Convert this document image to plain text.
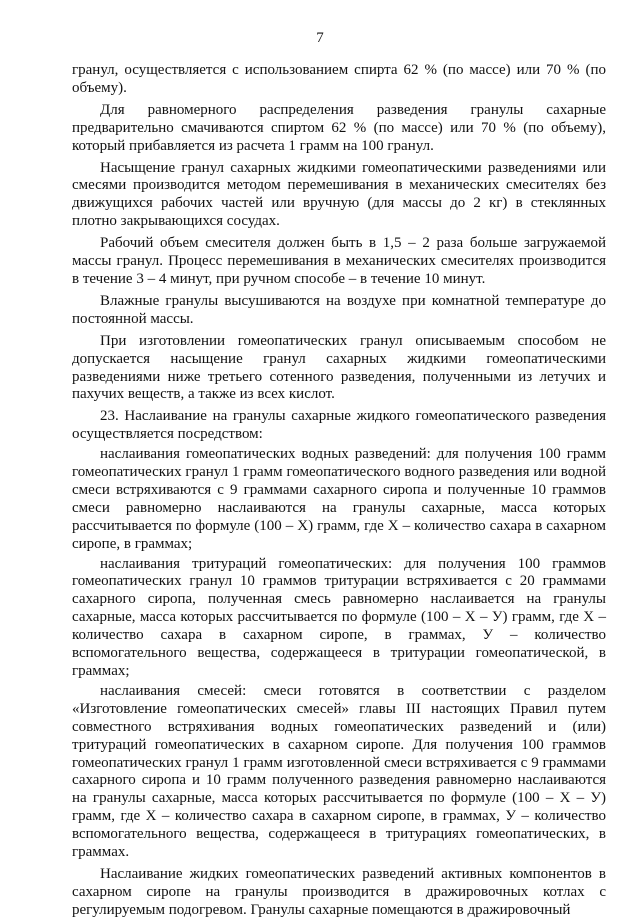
7

гранул, осуществляется с использованием спирта 62 % (по массе) или 70 % (по объему).

Для равномерного распределения разведения гранулы сахарные предварительно смачиваются спиртом 62 % (по массе) или 70 % (по объему), который прибавляется из расчета 1 грамм на 100 гранул.

Насыщение гранул сахарных жидкими гомеопатическими разведениями или смесями производится методом перемешивания в механических смесителях без движущихся рабочих частей или вручную (для массы до 2 кг) в стеклянных плотно закрывающихся сосудах.

Рабочий объем смесителя должен быть в 1,5 – 2 раза больше загружаемой массы гранул. Процесс перемешивания в механических смесителях производится в течение 3 – 4 минут, при ручном способе – в течение 10 минут.

Влажные гранулы высушиваются на воздухе при комнатной температуре до постоянной массы.

При изготовлении гомеопатических гранул описываемым способом не допускается насыщение гранул сахарных жидкими гомеопатическими разведениями ниже третьего сотенного разведения, полученными из летучих и пахучих веществ, а также из всех кислот.

23. Наслаивание на гранулы сахарные жидкого гомеопатического разведения осуществляется посредством:

наслаивания гомеопатических водных разведений: для получения 100 грамм гомеопатических гранул 1 грамм гомеопатического водного разведения или водной смеси встряхиваются с 9 граммами сахарного сиропа и полученные 10 граммов смеси равномерно наслаиваются на гранулы сахарные, масса которых рассчитывается по формуле (100 – Х) грамм, где Х – количество сахара в сахарном сиропе, в граммах;

наслаивания тритураций гомеопатических: для получения 100 граммов гомеопатических гранул 10 граммов тритурации встряхивается с 20 граммами сахарного сиропа, полученная смесь равномерно наслаивается на гранулы сахарные, масса которых рассчитывается по формуле (100 – Х – У) грамм, где Х – количество сахара в сахарном сиропе, в граммах, У – количество вспомогательного вещества, содержащееся в тритурации гомеопатической, в граммах;

наслаивания смесей: смеси готовятся в соответствии с разделом «Изготовление гомеопатических смесей» главы III настоящих Правил путем совместного встряхивания водных гомеопатических разведений и (или) тритураций гомеопатических в сахарном сиропе. Для получения 100 граммов гомеопатических гранул 1 грамм изготовленной смеси встряхивается с 9 граммами сахарного сиропа и 10 грамм полученного разведения равномерно наслаиваются на гранулы сахарные, масса которых рассчитывается по формуле (100 – Х – У) грамм, где Х – количество сахара в сахарном сиропе, в граммах, У – количество вспомогательного вещества, содержащееся в тритурациях гомеопатических, в граммах.

Наслаивание жидких гомеопатических разведений активных компонентов в сахарном сиропе на гранулы производится в дражировочных котлах с регулируемым подогревом. Гранулы сахарные помещаются в дражировочный
